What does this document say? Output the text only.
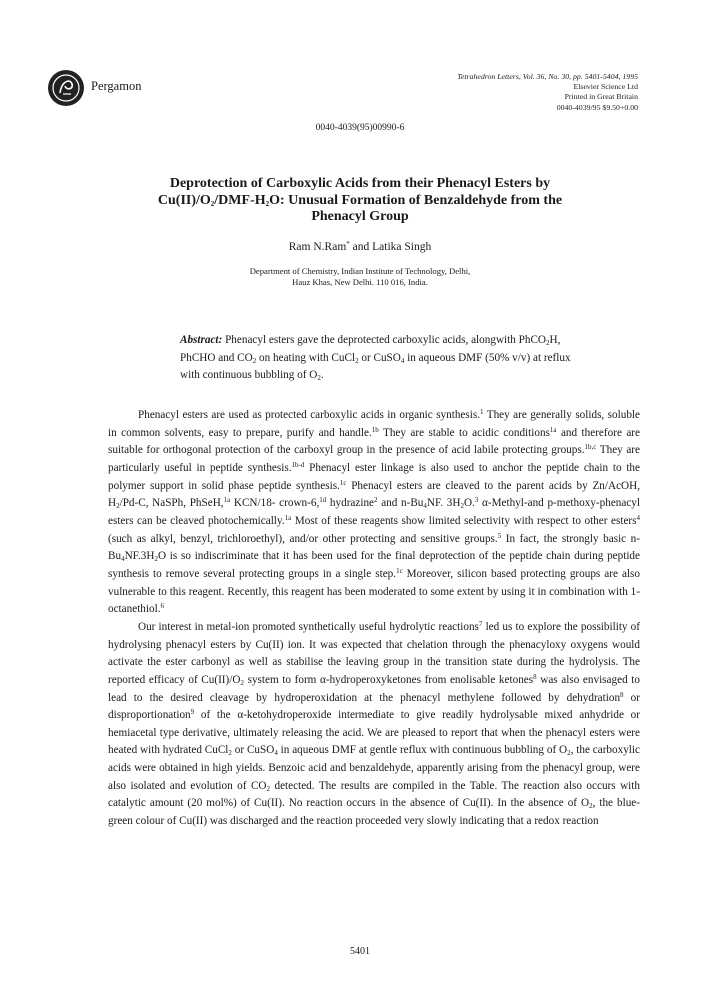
Pergamon
Tetrahedron Letters, Vol. 36, No. 30, pp. 5401-5404, 1995
Elsevier Science Ltd
Printed in Great Britain
0040-4039/95 $9.50+0.00
0040-4039(95)00990-6
Deprotection of Carboxylic Acids from their Phenacyl Esters by
$Cu(II)/O_2/DMF-H_2O$: Unusual Formation of Benzaldehyde from the
Phenacyl Group
Ram N.Ram* and Latika Singh
Department of Chemistry, Indian Institute of Technology, Delhi,
Hauz Khas, New Delhi. 110 016, India.

Abstract: Phenacyl esters gave the deprotected carboxylic acids, alongwith PhCO$_2$H, PhCHO and $CO_2$ on heating with CuCl$_2$ or CuSO$_4$ in aqueous DMF (50% v/v) at reflux with continuous bubbling of $O_2$.

Phenacyl esters are used as protected carboxylic acids in organic synthesis.$^1$ They are generally solids, soluble in common solvents, easy to prepare, purify and handle.$^{1b}$ They are stable to acidic conditions$^{1a}$ and therefore are suitable for orthogonal protection of the carboxyl group in the presence of acid labile protecting groups.$^{1b,c}$ They are particularly useful in peptide synthesis.$^{1b-d}$ Phenacyl ester linkage is also used to anchor the peptide chain to the polymer support in solid phase peptide synthesis.$^{1c}$ Phenacyl esters are cleaved to the parent acids by Zn/AcOH, $H_2/Pd-C$, NaSPh, PhSeH,$^{1a}$ KCN/18- crown-6,$^{1d}$ hydrazine$^2$ and $n-Bu_4NF$. $3H_2O.^3$ α-Methyl-and p-methoxy-phenacyl esters can be cleaved photochemically.$^{1a}$ Most of these reagents show limited selectivity with respect to other esters$^4$ (such as alkyl, benzyl, trichloroethyl), and/or other protecting and sensitive groups.$^5$ In fact, the strongly basic $n-Bu_4NF.3H_2O$ is so indiscriminate that it has been used for the final deprotection of the peptide chain during peptide synthesis to remove several protecting groups in a single step.$^{1c}$ Moreover, silicon based protecting groups are also vulnerable to this reagent. Recently, this reagent has been moderated to some extent by using it in combination with 1-octanethiol.$^6$

Our interest in metal-ion promoted synthetically useful hydrolytic reactions$^7$ led us to explore the possibility of hydrolysing phenacyl esters by Cu(II) ion. It was expected that chelation through the phenacyloxy oxygens would activate the ester carbonyl as well as stabilise the leaving group in the transition state during the hydrolysis. The reported efficacy of $Cu(II)/O_2$ system to form α-hydroperoxyketones from enolisable ketones$^8$ was also envisaged to lead to the desired cleavage by hydroperoxidation at the phenacyl methylene followed by dehydration$^8$ or disproportionation$^9$ of the α-ketohydroperoxide intermediate to give readily hydrolysable mixed anhydride or hemiacetal type derivative, ultimately releasing the acid. We are pleased to report that when the phenacyl esters were heated with hydrated CuCl$_2$ or CuSO$_4$ in aqueous DMF at gentle reflux with continuous bubbling of $O_2$, the carboxylic acids were obtained in high yields. Benzoic acid and benzaldehyde, apparently arising from the phenacyl group, were also isolated and evolution of $CO_2$ detected. The results are compiled in the Table. The reaction also occurs with catalytic amount (20 mol%) of Cu(II). No reaction occurs in the absence of Cu(II). In the absence of $O_2$, the blue-green colour of Cu(II) was discharged and the reaction proceeded very slowly indicating that a redox reaction

5401
